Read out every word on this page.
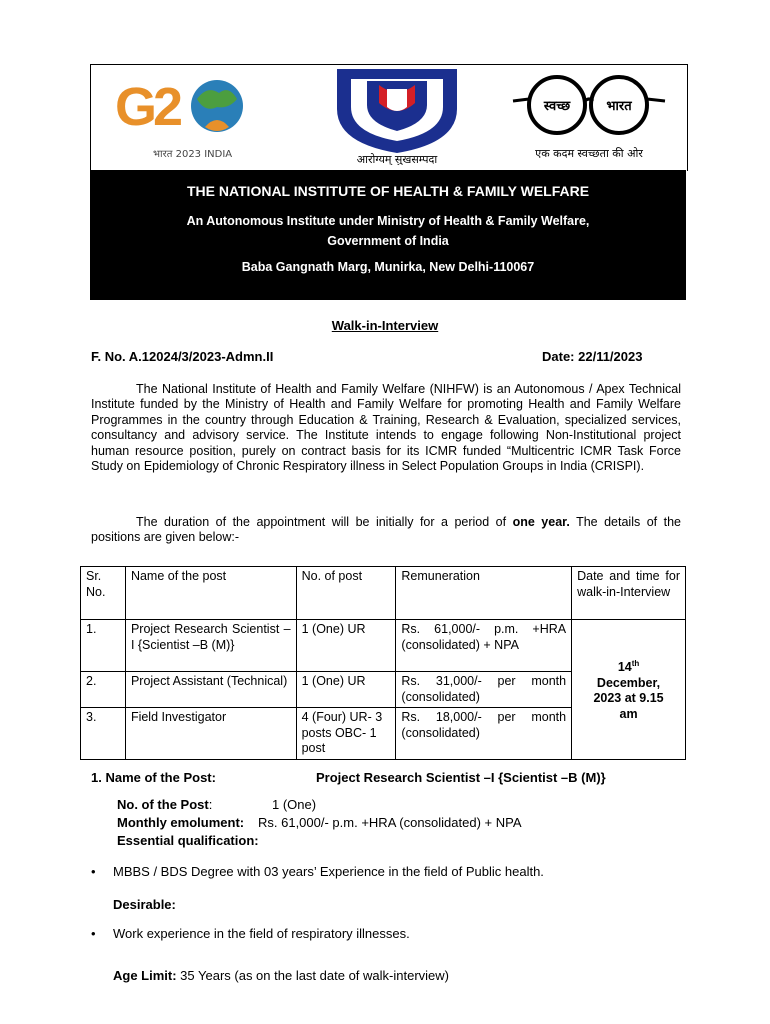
G
2
भारत 2023 INDIA	आरोग्यम् सुखसम्पदा
स्वच्छ	भारत
एक कदम स्वच्छता की ओर
THE NATIONAL INSTITUTE OF HEALTH & FAMILY WELFARE
An Autonomous Institute under Ministry of Health & Family Welfare,
Government of India
Baba Gangnath Marg, Munirka, New Delhi-110067
Walk-in-Interview
F. No. A.12024/3/2023-Admn.II	Date: 22/11/2023
The National Institute of Health and Family Welfare (NIHFW) is an Autonomous / Apex Technical Institute funded by the Ministry of Health and Family Welfare for promoting Health and Family Welfare Programmes in the country through Education & Training, Research & Evaluation, specialized services, consultancy and advisory service. The Institute intends to engage following Non-Institutional project human resource position, purely on contract basis for its ICMR funded “Multicentric ICMR Task Force Study on Epidemiology of Chronic Respiratory illness in Select Population Groups in India (CRISPI).
The duration of the appointment will be initially for a period of one year. The details of the positions are given below:-
Sr. No.	Name of the post	No. of post	Remuneration	Date and time for walk-in-Interview
1.	Project Research Scientist –I {Scientist –B (M)}	1 (One) UR	Rs. 61,000/- p.m. +HRA (consolidated) + NPA	14th
December,
2023 at 9.15
am
2.	Project Assistant (Technical)	1 (One) UR	Rs. 31,000/- per month (consolidated)	
3.	Field Investigator	4 (Four) UR- 3 posts OBC- 1 post	Rs. 18,000/- per month (consolidated)	
1. Name of the Post:	Project Research Scientist –I {Scientist –B (M)}
No. of the Post:	1 (One)
Monthly emolument: Rs. 61,000/- p.m. +HRA (consolidated) + NPA
Essential qualification:
• MBBS / BDS Degree with 03 years’ Experience in the field of Public health.
Desirable:
• Work experience in the field of respiratory illnesses.
Age Limit: 35 Years (as on the last date of walk-interview)
